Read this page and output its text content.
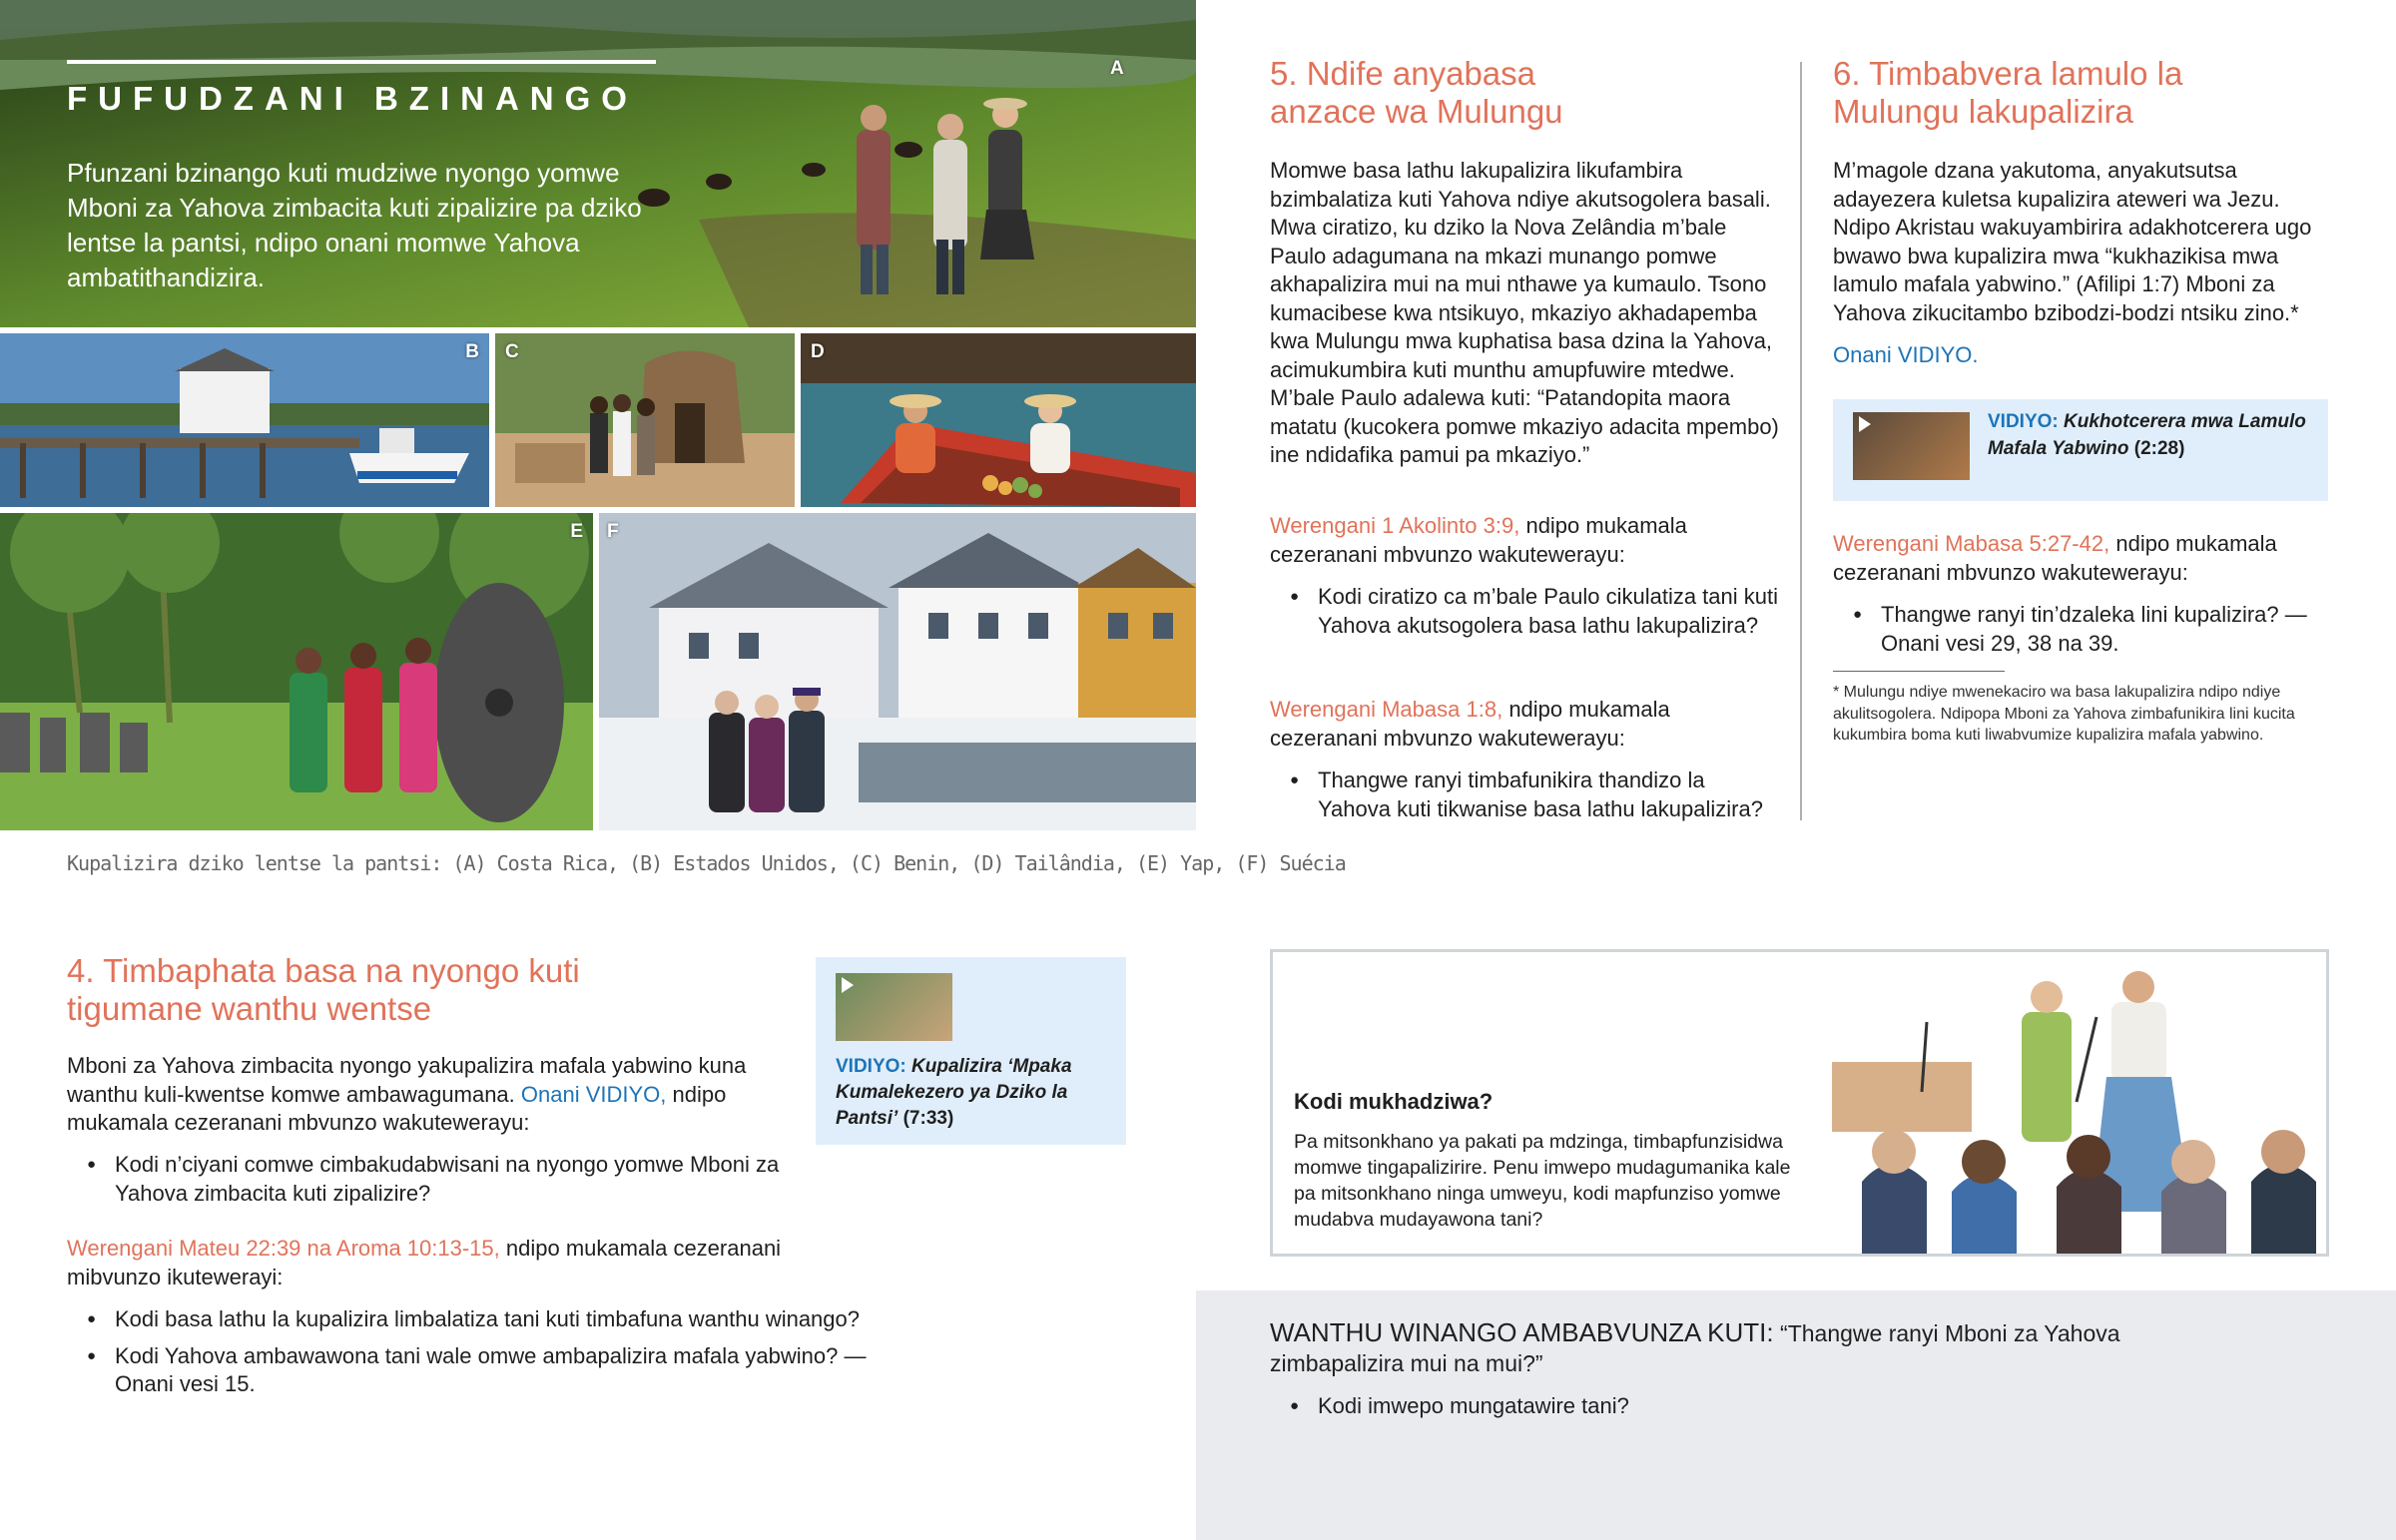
FUFUDZANI BZINANGO
Pfunzani bzinango kuti mudziwe nyongo yomwe Mboni za Yahova zimbacita kuti zipalizire pa dziko lentse la pantsi, ndipo onani momwe Yahova ambatithandizira.
A
B C	D
E F
Kupalizira dziko lentse la pantsi: (A) Costa Rica, (B) Estados Unidos, (C) Benin, (D) Tailândia, (E) Yap, (F) Suécia
4. Timbaphata basa na nyongo kuti tigumane wanthu wentse
VIDIYO: Kupalizira ‘Mpaka Kumalekezero ya Dziko la Pantsi’ (7:33)
Mboni za Yahova zimbacita nyongo yakupalizira mafala yabwino kuna wanthu kuli-kwentse komwe ambawagumana. Onani VIDIYO, ndipo mukamala cezeranani mbvunzo wakutewerayu:
● Kodi n’ciyani comwe cimbakudabwisani na nyongo yomwe Mboni za Yahova zimbacita kuti zipalizire?
Werengani Mateu 22:39 na Aroma 10:13-15, ndipo mukamala cezeranani mibvunzo ikutewerayi:
● Kodi basa lathu la kupalizira limbalatiza tani kuti timbafuna wanthu winango?
● Kodi Yahova ambawawona tani wale omwe ambapalizira mafala yabwino? — Onani vesi 15.
5. Ndife anyabasa anzace wa Mulungu

Momwe basa lathu lakupalizira likufambira bzimbalatiza kuti Yahova ndiye akutsogolera basali. Mwa ciratizo, ku dziko la Nova Zelândia m’bale Paulo adagumana na mkazi munango pomwe akhapalizira mui na mui nthawe ya kumaulo. Tsono kumacibese kwa ntsikuyo, mkaziyo akhadapemba kwa Mulungu mwa kuphatisa basa dzina la Yahova, acimukumbira kuti munthu amupfuwire mtedwe. M’bale Paulo adalewa kuti: “Patandopita maora matatu (kucokera pomwe mkaziyo adacita mpembo) ine ndidafika pamui pa mkaziyo.”

Werengani 1 Akolinto 3:9, ndipo mukamala cezeranani mbvunzo wakutewerayu:
● Kodi ciratizo ca m’bale Paulo cikulatiza tani kuti Yahova akutsogolera basa lathu lakupalizira?
Werengani Mabasa 1:8, ndipo mukamala cezeranani mbvunzo wakutewerayu:
● Thangwe ranyi timbafunikira thandizo la Yahova kuti tikwanise basa lathu lakupalizira?
6. Timbabvera lamulo la Mulungu lakupalizira

M’magole dzana yakutoma, anyakutsutsa adayezera kuletsa kupalizira ateweri wa Jezu. Ndipo Akristau wakuyambirira adakhotcerera ugo bwawo bwa kupalizira mwa “kukhazikisa mwa lamulo mafala yabwino.” (Afilipi 1:7) Mboni za Yahova zikucitambo bzibodzi-bodzi ntsiku zino.*

Onani VIDIYO.
VIDIYO: Kukhotcerera mwa Lamulo Mafala Yabwino (2:28)
Werengani Mabasa 5:27-42, ndipo mukamala cezeranani mbvunzo wakutewerayu:
● Thangwe ranyi tin’dzaleka lini kupalizira? — Onani vesi 29, 38 na 39.
* Mulungu ndiye mwenekaciro wa basa lakupalizira ndipo ndiye akulitsogolera. Ndipopa Mboni za Yahova zimbafunikira lini kucita kukumbira boma kuti liwabvumize kupalizira mafala yabwino.
Kodi mukhadziwa?
Pa mitsonkhano ya pakati pa mdzinga, timbapfunzisidwa momwe tingapalizirire. Penu imwepo mudagumanika kale pa mitsonkhano ninga umweyu, kodi mapfunziso yomwe mudabva mudayawona tani?
WANTHU WINANGO AMBABVUNZA KUTI: “Thangwe ranyi Mboni za Yahova zimbapalizira mui na mui?”
● Kodi imwepo mungatawire tani?
